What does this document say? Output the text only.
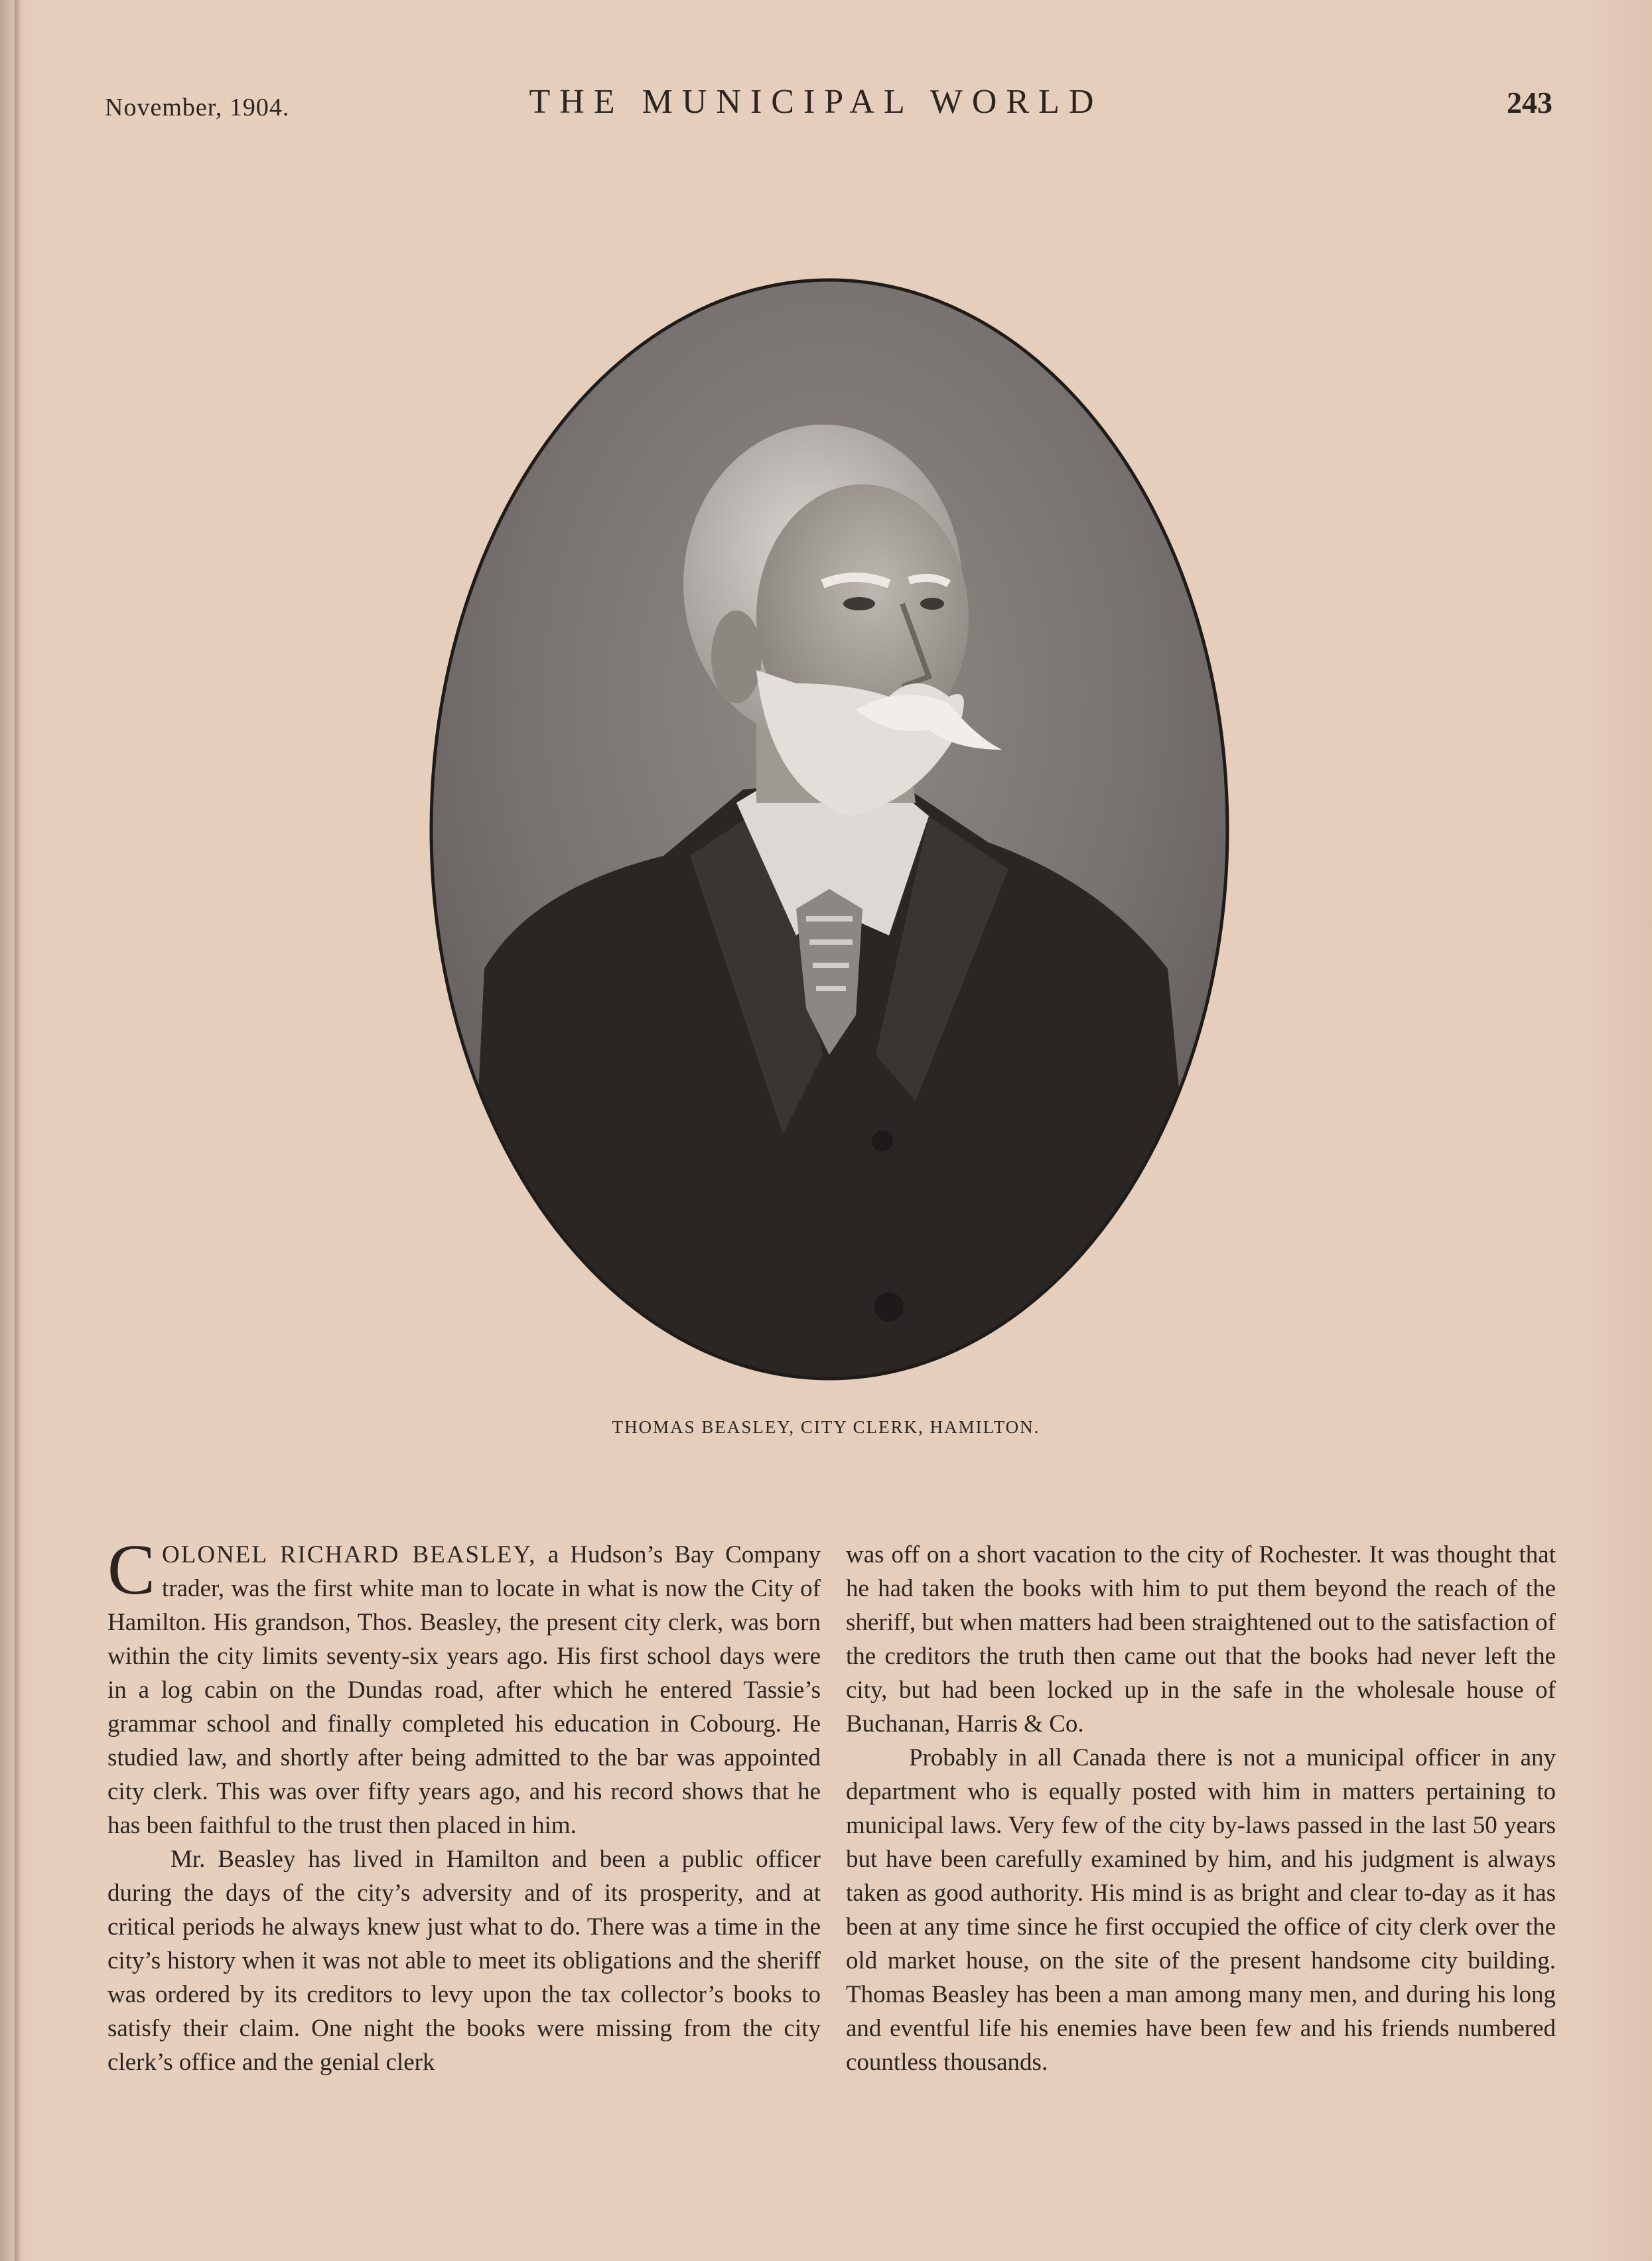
November, 1904.	THE MUNICIPAL WORLD	243
THOMAS BEASLEY, CITY CLERK, HAMILTON.

COLONEL RICHARD BEASLEY, a Hudson’s Bay Company trader, was the first white man to locate in what is now the City of Hamilton. His grandson, Thos. Beasley, the present city clerk, was born within the city limits seventy-six years ago. His first school days were in a log cabin on the Dundas road, after which he entered Tassie’s grammar school and finally completed his education in Cobourg. He studied law, and shortly after being admitted to the bar was appointed city clerk. This was over fifty years ago, and his record shows that he has been faithful to the trust then placed in him.

Mr. Beasley has lived in Hamilton and been a public officer during the days of the city’s adversity and of its prosperity, and at critical periods he always knew just what to do. There was a time in the city’s history when it was not able to meet its obligations and the sheriff was ordered by its creditors to levy upon the tax collector’s books to satisfy their claim. One night the books were missing from the city clerk’s office and the genial clerk

was off on a short vacation to the city of Rochester. It was thought that he had taken the books with him to put them beyond the reach of the sheriff, but when matters had been straightened out to the satisfaction of the creditors the truth then came out that the books had never left the city, but had been locked up in the safe in the wholesale house of Buchanan, Harris & Co.

Probably in all Canada there is not a municipal officer in any department who is equally posted with him in matters pertaining to municipal laws. Very few of the city by-laws passed in the last 50 years but have been carefully examined by him, and his judgment is always taken as good authority. His mind is as bright and clear to-day as it has been at any time since he first occupied the office of city clerk over the old market house, on the site of the present handsome city building. Thomas Beasley has been a man among many men, and during his long and eventful life his enemies have been few and his friends numbered countless thousands.
